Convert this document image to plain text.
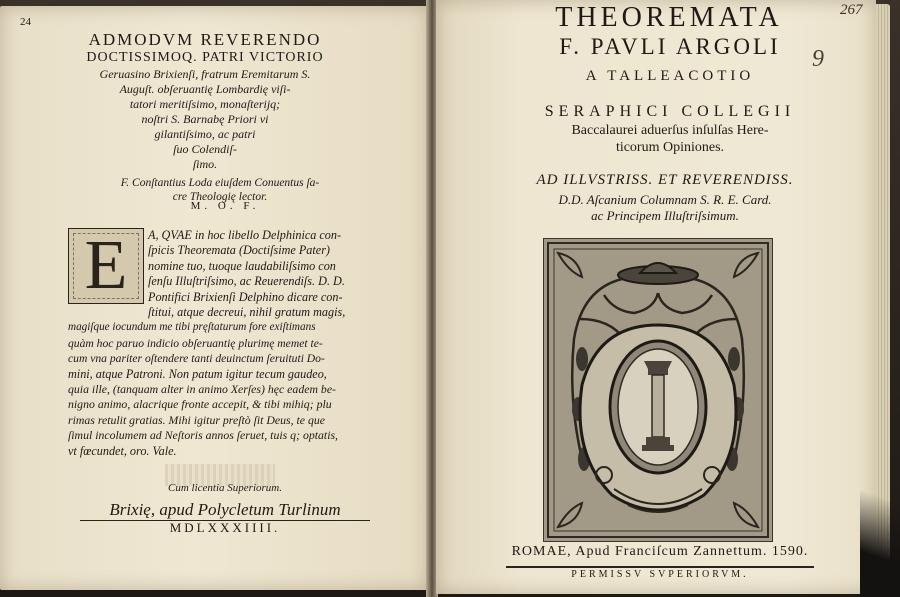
24
ADMODVM REVERENDO
DOCTISSIMOQ. PATRI VICTORIO
Geruasino Brixienſi, fratrum Eremitarum S.
Auguſt. obſeruantię Lombardię viſi-
tatori meritiſsimo, monaſterijq;
noſtri S. Barnabę Priori vi
gilantiſsimo, ac patri
ſuo Colendiſ-
ſimo.
F. Conſtantius Loda eiuſdem Conuentus ſa-
cre Theologię lector.
M. O. F.
A, QVAE in hoc libello Delphinica con-
ſpicis Theoremata (Doctiſsime Pater)
nomine tuo, tuoque laudabiliſsimo con
ſenſu Illuſtriſsimo, ac Reuerendiſs. D. D.
Pontifici Brixienſi Delphino dicare con-
ſtitui, atque decreui, nihil gratum magis,
magiſque iocundum me tibi pręſtaturum fore exiſtimans
quàm hoc paruo indicio obſeruantię plurimę memet te-
cum vna pariter oſtendere tanti deuinctum ſeruituti Do-
mini, atque Patroni. Non patum igitur tecum gaudeo,
quia ille, (tanquam alter in animo Xerſes) hęc eadem be-
nigno animo, alacrique fronte accepit, & tibi mihiq; plu
rimas retulit gratias. Mihi igitur preſtò ſit Deus, te que
ſimul incolumem ad Neſtoris annos ſeruet, tuis q; optatis,
vt fœcundet, oro. Vale.
E
Cum licentia Superiorum.
Brixię, apud Polycletum Turlinum
MDLXXXIIII.
THEOREMATA	267
9
F. PAVLI ARGOLI
A TALLEACOTIO
SERAPHICI COLLEGII
Baccalaurei aduerſus inſulſas Here-
ticorum Opiniones.
AD ILLVSTRISS. ET REVERENDISS.
D.D. Aſcanium Columnam S. R. E. Card.
ac Principem Illuſtriſsimum.
ROMAE, Apud Franciſcum Zannettum. 1590.
PERMISSV SVPERIORVM.
